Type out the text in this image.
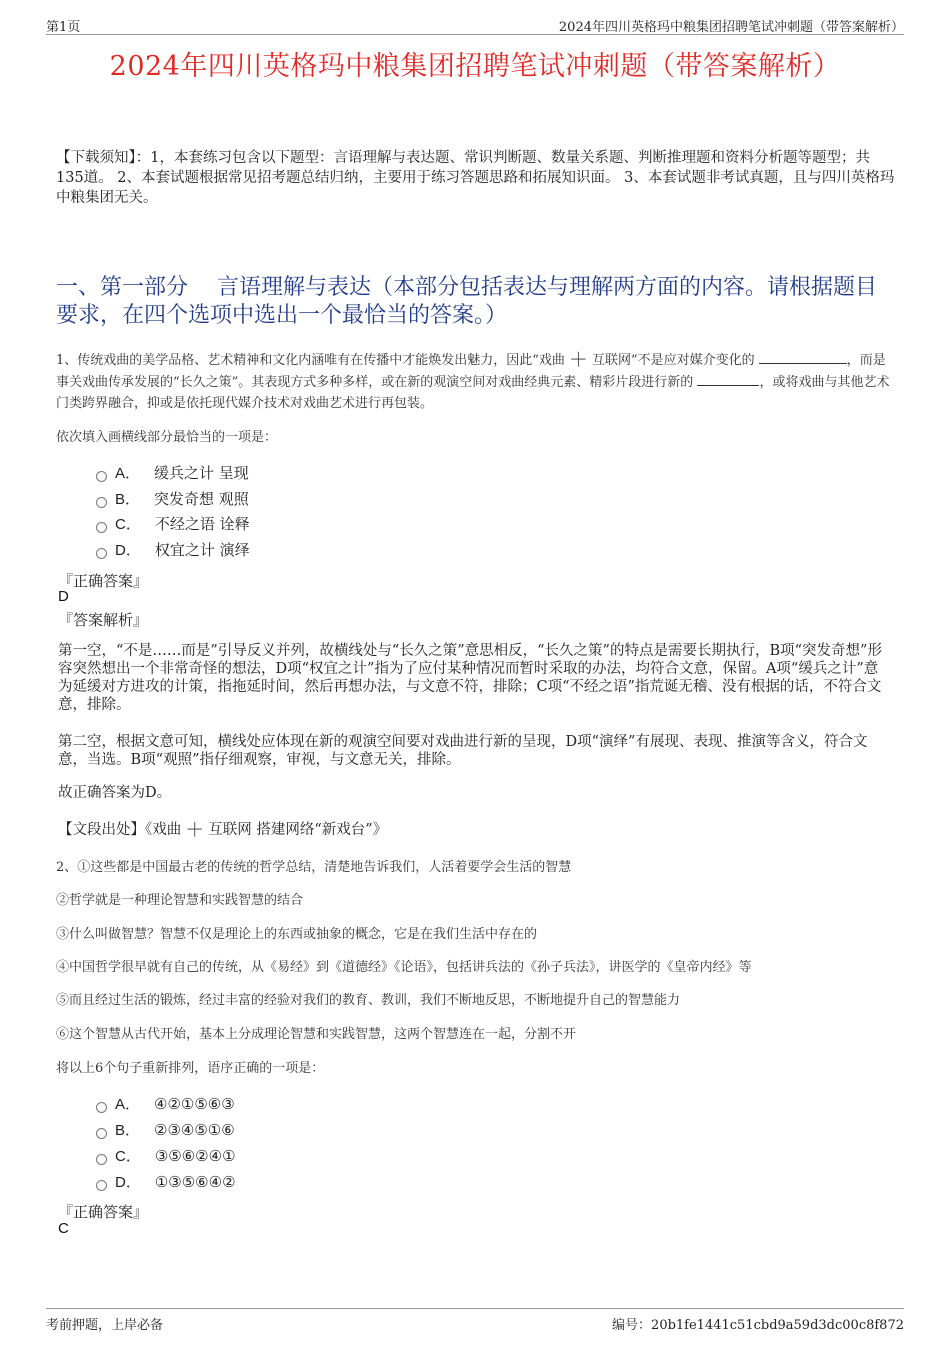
第1页	2024年四川英格玛中粮集团招聘笔试冲刺题（带答案解析）
2024年四川英格玛中粮集团招聘笔试冲刺题（带答案解析）
【下载须知】：1，本套练习包含以下题型：言语理解与表达题、常识判断题、数量关系题、判断推理题和资料分析题等题型；共135道。 2、本套试题根据常见招考题总结归纳，主要用于练习答题思路和拓展知识面。 3、本套试题非考试真题，且与四川英格玛中粮集团无关。
一、第一部分　 言语理解与表达（本部分包括表达与理解两方面的内容。请根据题目要求，在四个选项中选出一个最恰当的答案。）
1、传统戏曲的美学品格、艺术精神和文化内涵唯有在传播中才能焕发出魅力，因此“戏曲 ＋ 互联网”不是应对媒介变化的	，而是事关戏曲传承发展的“长久之策”。其表现方式多种多样，或在新的观演空间对戏曲经典元素、精彩片段进行新的	，或将戏曲与其他艺术门类跨界融合，抑或是依托现代媒介技术对戏曲艺术进行再包装。
依次填入画横线部分最恰当的一项是：
A． 缓兵之计 呈现
B． 突发奇想 观照
C． 不经之语 诠释
D． 权宜之计 演绎
『正确答案』
D
『答案解析』
第一空，“不是……而是”引导反义并列，故横线处与“长久之策”意思相反，“长久之策”的特点是需要长期执行，B项“突发奇想”形容突然想出一个非常奇怪的想法，D项“权宜之计”指为了应付某种情况而暂时采取的办法，均符合文意，保留。A项“缓兵之计”意为延缓对方进攻的计策，指拖延时间，然后再想办法，与文意不符，排除；C项“不经之语”指荒诞无稽、没有根据的话，不符合文意，排除。
第二空，根据文意可知，横线处应体现在新的观演空间要对戏曲进行新的呈现，D项“演绎”有展现、表现、推演等含义，符合文意，当选。B项“观照”指仔细观察，审视，与文意无关，排除。
故正确答案为D。
【文段出处】《戏曲 ＋ 互联网 搭建网络“新戏台”》
2、①这些都是中国最古老的传统的哲学总结，清楚地告诉我们，人活着要学会生活的智慧
②哲学就是一种理论智慧和实践智慧的结合
③什么叫做智慧？智慧不仅是理论上的东西或抽象的概念，它是在我们生活中存在的
④中国哲学很早就有自己的传统，从《易经》到《道德经》《论语》，包括讲兵法的《孙子兵法》，讲医学的《皇帝内经》等
⑤而且经过生活的锻炼，经过丰富的经验对我们的教育、教训，我们不断地反思，不断地提升自己的智慧能力
⑥这个智慧从古代开始，基本上分成理论智慧和实践智慧，这两个智慧连在一起，分割不开
将以上6个句子重新排列，语序正确的一项是：
A． ④②①⑤⑥③
B． ②③④⑤①⑥
C． ③⑤⑥②④①
D． ①③⑤⑥④②
『正确答案』
C
考前押题，上岸必备	编号：20b1fe1441c51cbd9a59d3dc00c8f872
